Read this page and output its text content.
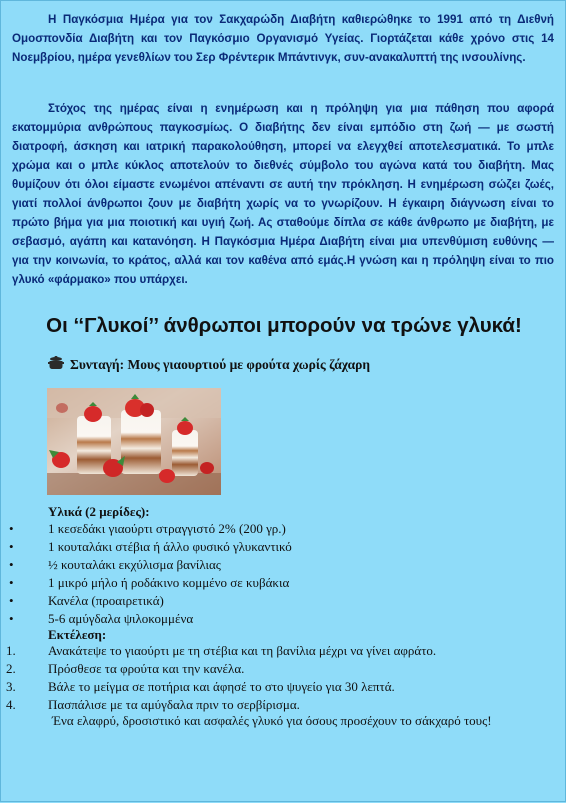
Η Παγκόσμια Ημέρα για τον Σακχαρώδη Διαβήτη καθιερώθηκε το 1991 από τη Διεθνή Ομοσπονδία Διαβήτη και τον Παγκόσμιο Οργανισμό Υγείας. Γιορτάζεται κάθε χρόνο στις 14 Νοεμβρίου, ημέρα γενεθλίων του Σερ Φρέντερικ Μπάντινγκ, συν-ανακαλυπτή της ινσουλίνης.

Στόχος της ημέρας είναι η ενημέρωση και η πρόληψη για μια πάθηση που αφορά εκατομμύρια ανθρώπους παγκοσμίως. Ο διαβήτης δεν είναι εμπόδιο στη ζωή — με σωστή διατροφή, άσκηση και ιατρική παρακολούθηση, μπορεί να ελεγχθεί αποτελεσματικά. Το μπλε χρώμα και ο μπλε κύκλος αποτελούν το διεθνές σύμβολο του αγώνα κατά του διαβήτη. Μας θυμίζουν ότι όλοι είμαστε ενωμένοι απέναντι σε αυτή την πρόκληση. Η ενημέρωση σώζει ζωές, γιατί πολλοί άνθρωποι ζουν με διαβήτη χωρίς να το γνωρίζουν. Η έγκαιρη διάγνωση είναι το πρώτο βήμα για μια ποιοτική και υγιή ζωή. Ας σταθούμε δίπλα σε κάθε άνθρωπο με διαβήτη, με σεβασμό, αγάπη και κατανόηση. Η Παγκόσμια Ημέρα Διαβήτη είναι μια υπενθύμιση ευθύνης — για την κοινωνία, το κράτος, αλλά και τον καθένα από εμάς.Η γνώση και η πρόληψη είναι το πιο γλυκό «φάρμακο» που υπάρχει.

Οι ‘‘Γλυκοί’’ άνθρωποι μπορούν να τρώνε γλυκά!
Συνταγή: Μους γιαουρτιού με φρούτα χωρίς ζάχαρη
Υλικά (2 μερίδες):
•	1 κεσεδάκι γιαούρτι στραγγιστό 2% (200 γρ.)
•	1 κουταλάκι στέβια ή άλλο φυσικό γλυκαντικό
•	½ κουταλάκι εκχύλισμα βανίλιας
•	1 μικρό μήλο ή ροδάκινο κομμένο σε κυβάκια
•	Κανέλα (προαιρετικά)
•	5-6 αμύγδαλα ψιλοκομμένα
Εκτέλεση:
1. Ανακάτεψε το γιαούρτι με τη στέβια και τη βανίλια μέχρι να γίνει αφράτο.
2. Πρόσθεσε τα φρούτα και την κανέλα.
3. Βάλε το μείγμα σε ποτήρια και άφησέ το στο ψυγείο για 30 λεπτά.
4. Πασπάλισε με τα αμύγδαλα πριν το σερβίρισμα.

Ένα ελαφρύ, δροσιστικό και ασφαλές γλυκό για όσους προσέχουν το σάκχαρό τους!
